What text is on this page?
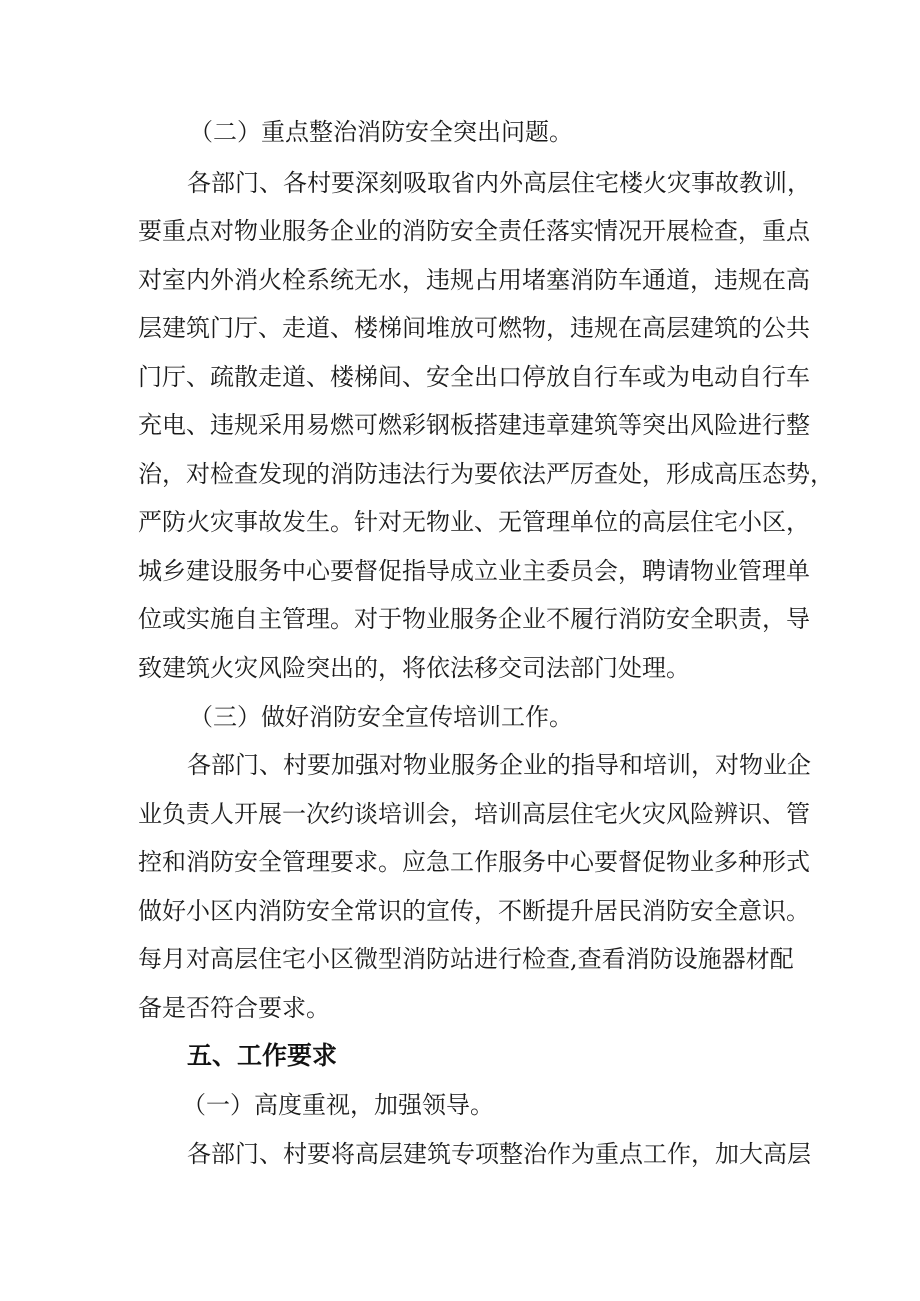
（二）重点整治消防安全突出问题。
各部门、各村要深刻吸取省内外高层住宅楼火灾事故教训，
要重点对物业服务企业的消防安全责任落实情况开展检查，重点
对室内外消火栓系统无水，违规占用堵塞消防车通道，违规在高
层建筑门厅、走道、楼梯间堆放可燃物，违规在高层建筑的公共
门厅、疏散走道、楼梯间、安全出口停放自行车或为电动自行车
充电、违规采用易燃可燃彩钢板搭建违章建筑等突出风险进行整
治，对检查发现的消防违法行为要依法严厉查处，形成高压态势，
严防火灾事故发生。针对无物业、无管理单位的高层住宅小区，
城乡建设服务中心要督促指导成立业主委员会，聘请物业管理单
位或实施自主管理。对于物业服务企业不履行消防安全职责，导
致建筑火灾风险突出的，将依法移交司法部门处理。
（三）做好消防安全宣传培训工作。
各部门、村要加强对物业服务企业的指导和培训，对物业企
业负责人开展一次约谈培训会，培训高层住宅火灾风险辨识、管
控和消防安全管理要求。应急工作服务中心要督促物业多种形式
做好小区内消防安全常识的宣传，不断提升居民消防安全意识。
每月对高层住宅小区微型消防站进行检查,查看消防设施器材配
备是否符合要求。
五、工作要求
（一）高度重视，加强领导。
各部门、村要将高层建筑专项整治作为重点工作，加大高层
